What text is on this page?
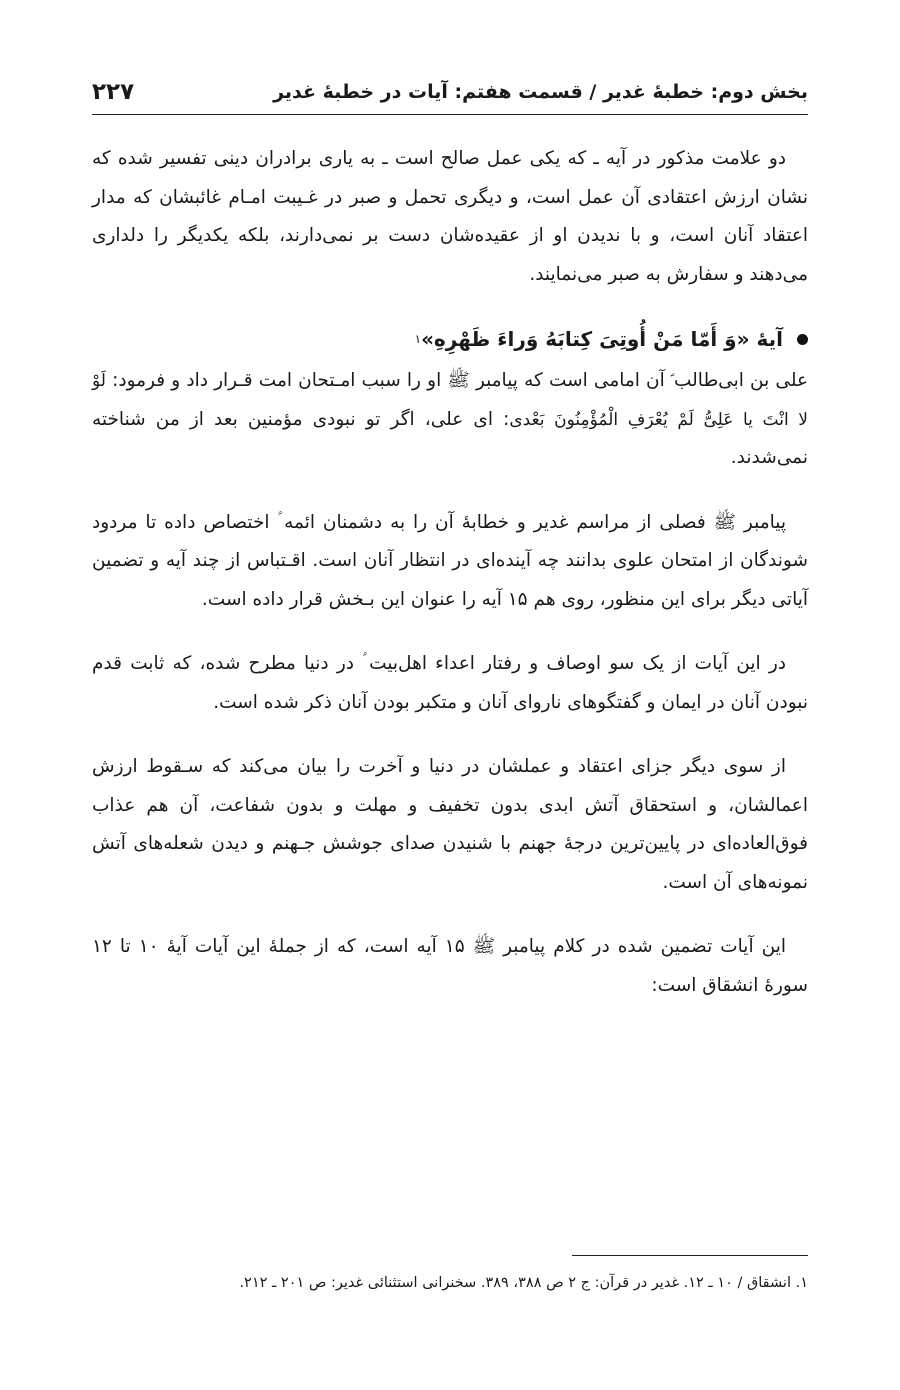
بخش دوم: خطبۀ غدیر / قسمت هفتم: آیات در خطبۀ غدیر
۲۲۷

دو علامت مذکور در آیه ـ که یکی عمل صالح است ـ به یاری برادران دینی تفسیر شده که نشان ارزش اعتقادی آن عمل است، و دیگری تحمل و صبر در غـیبت امـام غائبشان که مدار اعتقاد آنان است، و با ندیدن او از عقیده‌شان دست بر نمی‌دارند، بلکه یکدیگر را دلداری می‌دهند و سفارش به صبر می‌نمایند.

آیۀ «وَ أَمّا مَنْ أُوتِیَ کِتابَهُ وَراءَ ظَهْرِهِ»
۱

علی بن ابی‌طالب ؑ آن امامی است که پیامبر ﷺ او را سبب امـتحان امت قـرار داد و فرمود: لَوْ لا انْتَ یا عَلِیُّ لَمْ یُعْرَفِ الْمُؤْمِنُونَ بَعْدی: ای علی، اگر تو نبودی مؤمنین بعد از من شناخته نمی‌شدند.

پیامبر ﷺ فصلی از مراسم غدیر و خطابۀ آن را به دشمنان ائمه ؑ اختصاص داده تا مردود شوندگان از امتحان علوی بدانند چه آینده‌ای در انتظار آنان است. اقـتباس از چند آیه و تضمین آیاتی دیگر برای این منظور، روی هم ۱۵ آیه را عنوان این بـخش قرار داده است.

در این آیات از یک سو اوصاف و رفتار اعداء اهل‌بیت ؑ در دنیا مطرح شده، که ثابت قدم نبودن آنان در ایمان و گفتگوهای ناروای آنان و متکبر بودن آنان ذکر شده است.

از سوی دیگر جزای اعتقاد و عملشان در دنیا و آخرت را بیان می‌کند که سـقوط ارزش اعمالشان، و استحقاق آتش ابدی بدون تخفیف و مهلت و بدون شفاعت، آن هم عذاب فوق‌العاده‌ای در پایین‌ترین درجۀ جهنم با شنیدن صدای جوشش جـهنم و دیدن شعله‌های آتش نمونه‌های آن است.

این آیات تضمین شده در کلام پیامبر ﷺ ۱۵ آیه است، که از جملۀ این آیات آیۀ ۱۰ تا ۱۲ سورۀ انشقاق است:

۱. انشقاق / ۱۰ ـ ۱۲. غدیر در قرآن: ج ۲ ص ۳۸۸، ۳۸۹. سخنرانی استثنائی غدیر: ص ۲۰۱ ـ ۲۱۲.
